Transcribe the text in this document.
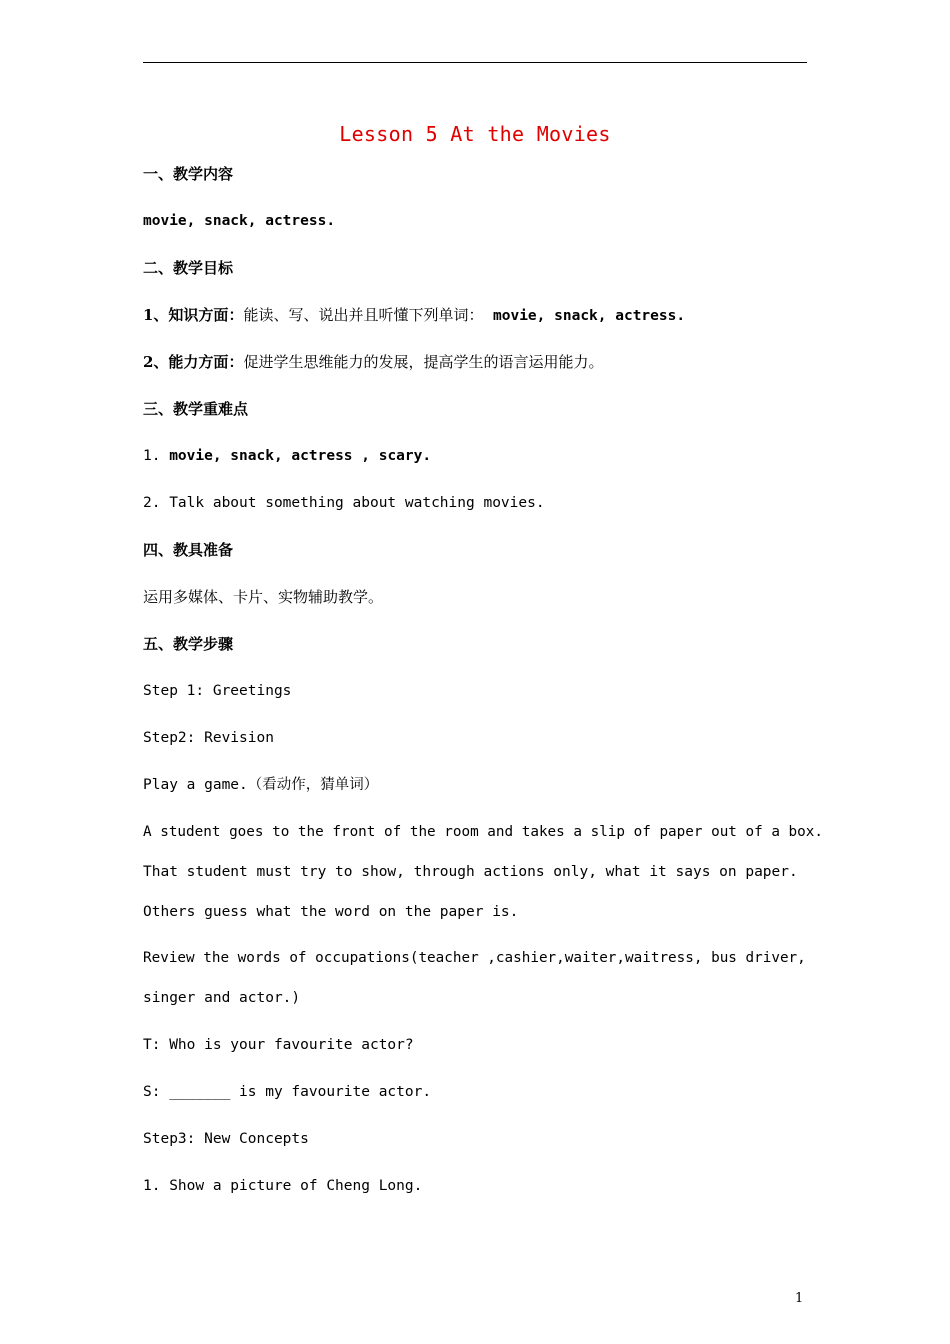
Lesson 5 At the Movies
一、教学内容
movie, snack, actress.
二、教学目标
1、知识方面：能读、写、说出并且听懂下列单词： movie, snack, actress.
2、能力方面：促进学生思维能力的发展，提高学生的语言运用能力。
三、教学重难点
1. movie, snack, actress , scary.
2. Talk about something about watching movies.
四、教具准备
运用多媒体、卡片、实物辅助教学。
五、教学步骤
Step 1: Greetings
Step2: Revision
Play a game.（看动作，猜单词）
A student goes to the front of the room and takes a slip of paper out of a box.
That student must try to show, through actions only, what it says on paper.
Others guess what the word on the paper is.
Review the words of occupations(teacher ,cashier,waiter,waitress, bus driver,
singer and actor.)
T: Who is your favourite actor?
S: _______ is my favourite actor.
Step3: New Concepts
1. Show a picture of Cheng Long.
1
